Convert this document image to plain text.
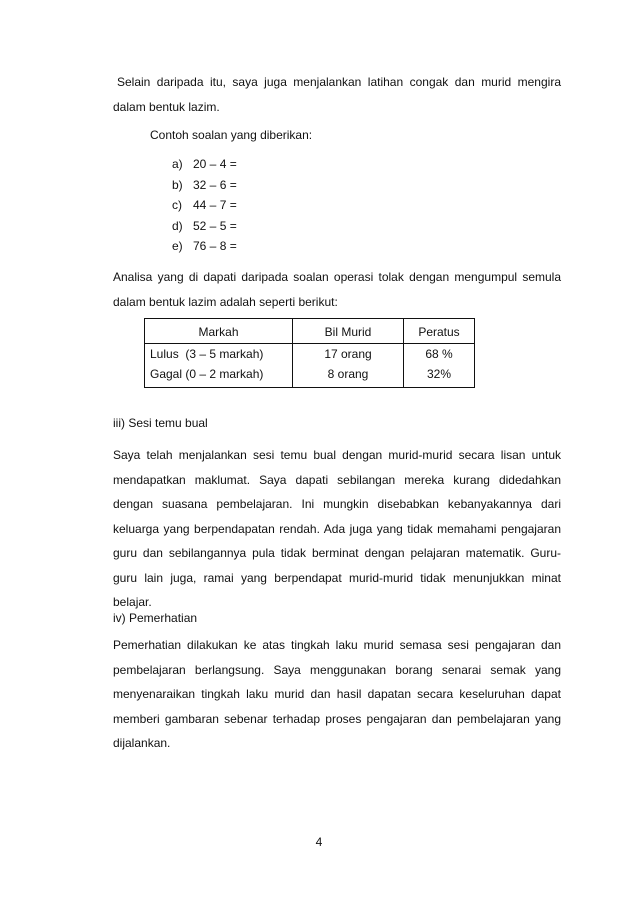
Selain daripada itu, saya juga menjalankan latihan congak dan murid mengira dalam bentuk lazim.

Contoh soalan yang diberikan:

a) 20 – 4 =
b) 32 – 6 =
c) 44 – 7 =
d) 52 – 5 =
e) 76 – 8 =

Analisa yang di dapati daripada soalan operasi tolak dengan mengumpul semula dalam bentuk lazim adalah seperti berikut:

Markah	Bil Murid	Peratus
Lulus  (3 – 5 markah)	17 orang	68 %
Gagal (0 – 2 markah)	8 orang	32%

iii) Sesi temu bual

Saya telah menjalankan sesi temu bual dengan murid-murid secara lisan untuk mendapatkan maklumat. Saya dapati sebilangan mereka kurang didedahkan dengan suasana pembelajaran. Ini mungkin disebabkan kebanyakannya dari keluarga yang berpendapatan rendah. Ada juga yang tidak memahami pengajaran guru dan sebilangannya pula tidak berminat dengan pelajaran matematik. Guru-guru lain juga, ramai yang berpendapat murid-murid tidak menunjukkan minat belajar.

iv) Pemerhatian

Pemerhatian dilakukan ke atas tingkah laku murid semasa sesi pengajaran dan pembelajaran berlangsung. Saya menggunakan borang senarai semak yang menyenaraikan tingkah laku murid dan hasil dapatan secara keseluruhan dapat memberi gambaran sebenar terhadap proses pengajaran dan pembelajaran yang dijalankan.

4
